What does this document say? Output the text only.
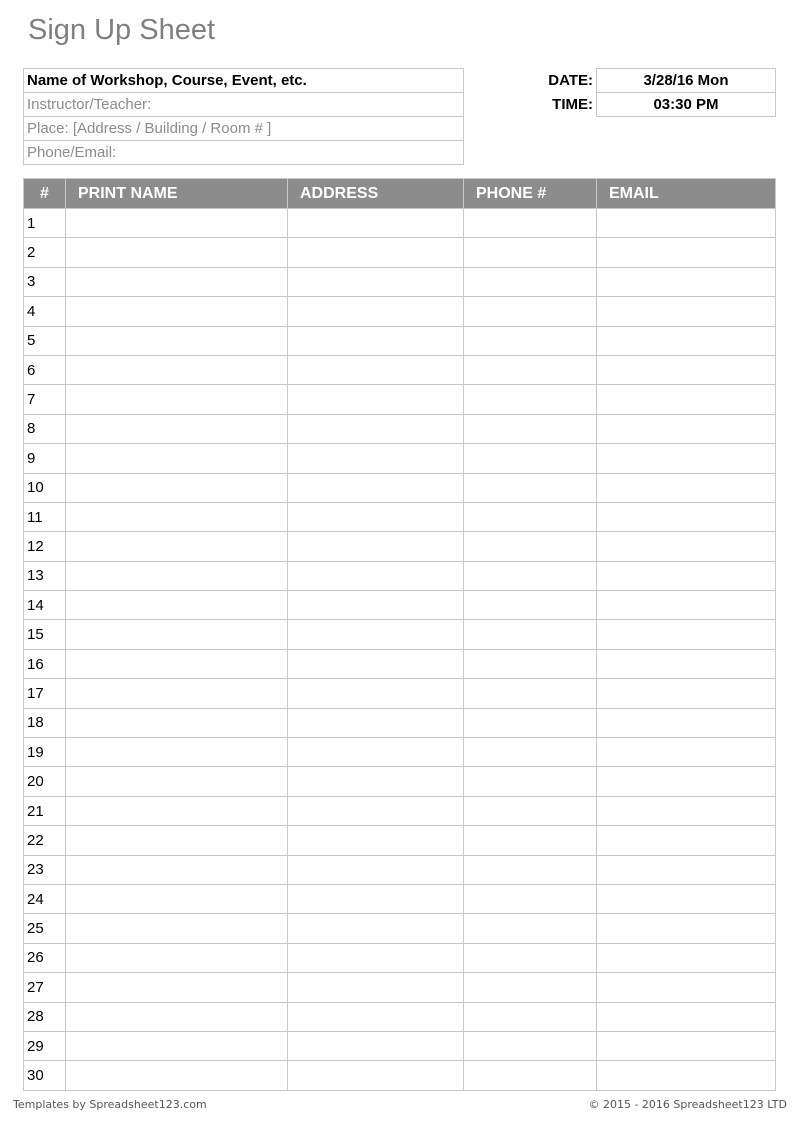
Sign Up Sheet
Name of Workshop, Course, Event, etc.
Instructor/Teacher:
Place: [Address / Building / Room # ]
Phone/Email:
DATE:	3/28/16 Mon
TIME:	03:30 PM
#	PRINT NAME	ADDRESS	PHONE #	EMAIL
1				
2				
3				
4				
5				
6				
7				
8				
9				
10				
11				
12				
13				
14				
15				
16				
17				
18				
19				
20				
21				
22				
23				
24				
25				
26				
27				
28				
29				
30				
Templates by Spreadsheet123.com	© 2015 - 2016 Spreadsheet123 LTD
